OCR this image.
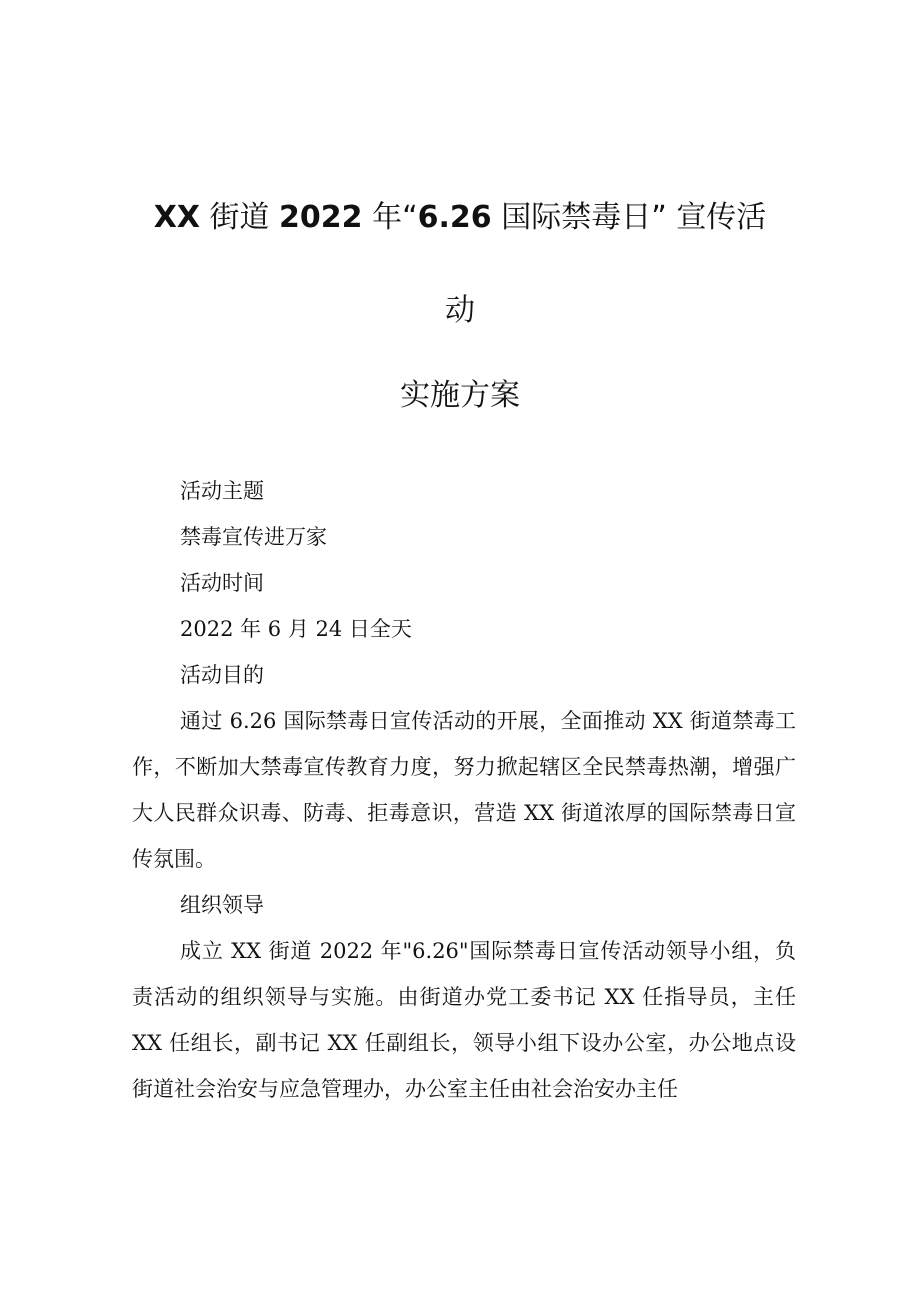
XX 街道 2022 年“6.26 国际禁毒日” 宣传活
动
实施方案
活动主题
禁毒宣传进万家
活动时间
2022 年 6 月 24 日全天
活动目的
通过 6.26 国际禁毒日宣传活动的开展，全面推动 XX 街道禁毒工作，不断加大禁毒宣传教育力度，努力掀起辖区全民禁毒热潮，增强广大人民群众识毒、防毒、拒毒意识，营造 XX 街道浓厚的国际禁毒日宣传氛围。
组织领导
成立 XX 街道 2022 年"6.26"国际禁毒日宣传活动领导小组，负责活动的组织领导与实施。由街道办党工委书记 XX 任指导员，主任 XX 任组长，副书记 XX 任副组长，领导小组下设办公室，办公地点设街道社会治安与应急管理办，办公室主任由社会治安办主任
